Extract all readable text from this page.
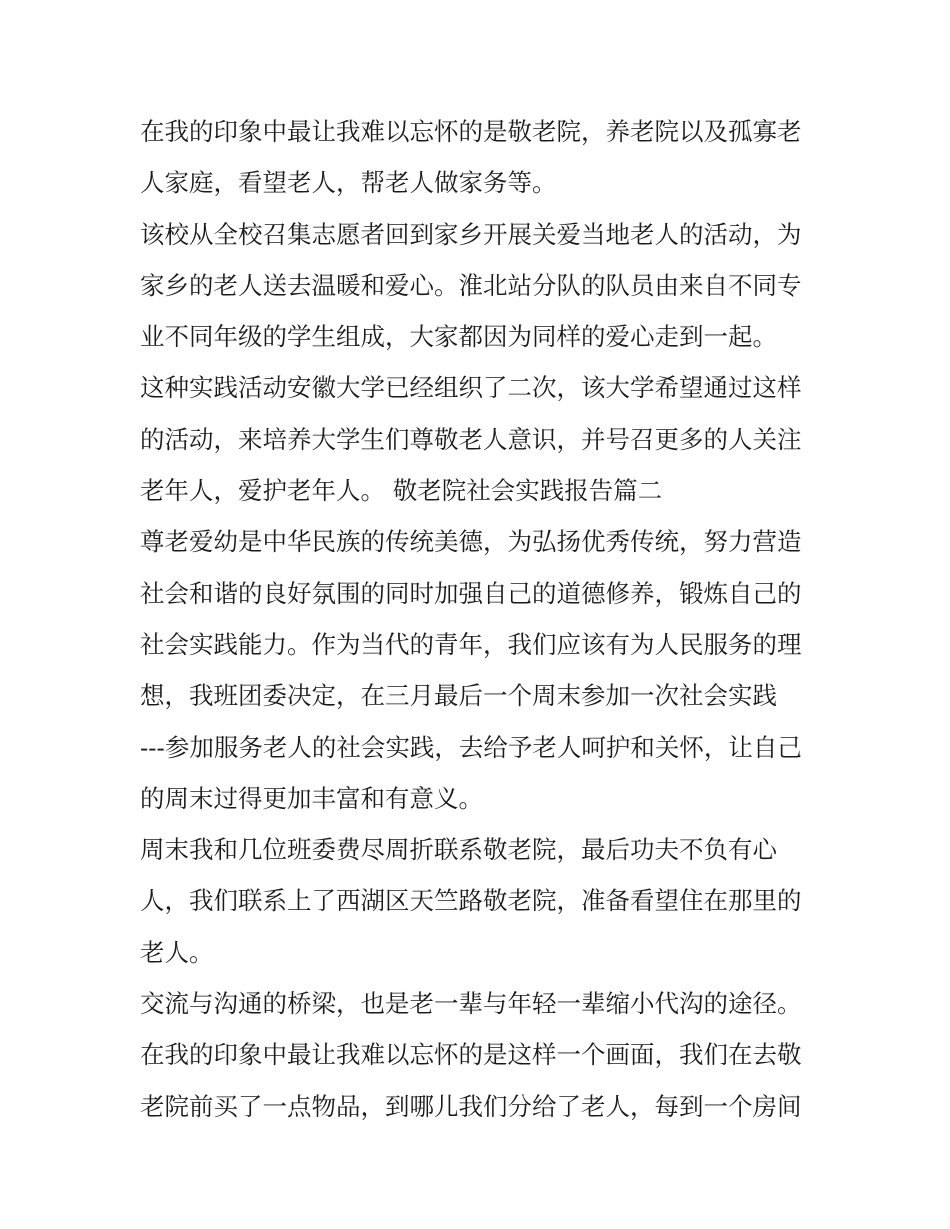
在我的印象中最让我难以忘怀的是敬老院，养老院以及孤寡老
人家庭，看望老人，帮老人做家务等。
该校从全校召集志愿者回到家乡开展关爱当地老人的活动，为
家乡的老人送去温暖和爱心。淮北站分队的队员由来自不同专
业不同年级的学生组成，大家都因为同样的爱心走到一起。
这种实践活动安徽大学已经组织了二次，该大学希望通过这样
的活动，来培养大学生们尊敬老人意识，并号召更多的人关注
老年人，爱护老年人。 敬老院社会实践报告篇二
尊老爱幼是中华民族的传统美德，为弘扬优秀传统，努力营造
社会和谐的良好氛围的同时加强自己的道德修养，锻炼自己的
社会实践能力。作为当代的青年，我们应该有为人民服务的理
想，我班团委决定，在三月最后一个周末参加一次社会实践
---参加服务老人的社会实践，去给予老人呵护和关怀，让自己
的周末过得更加丰富和有意义。
周末我和几位班委费尽周折联系敬老院，最后功夫不负有心
人，我们联系上了西湖区天竺路敬老院，准备看望住在那里的
老人。
交流与沟通的桥梁，也是老一辈与年轻一辈缩小代沟的途径。
在我的印象中最让我难以忘怀的是这样一个画面，我们在去敬
老院前买了一点物品，到哪儿我们分给了老人，每到一个房间
